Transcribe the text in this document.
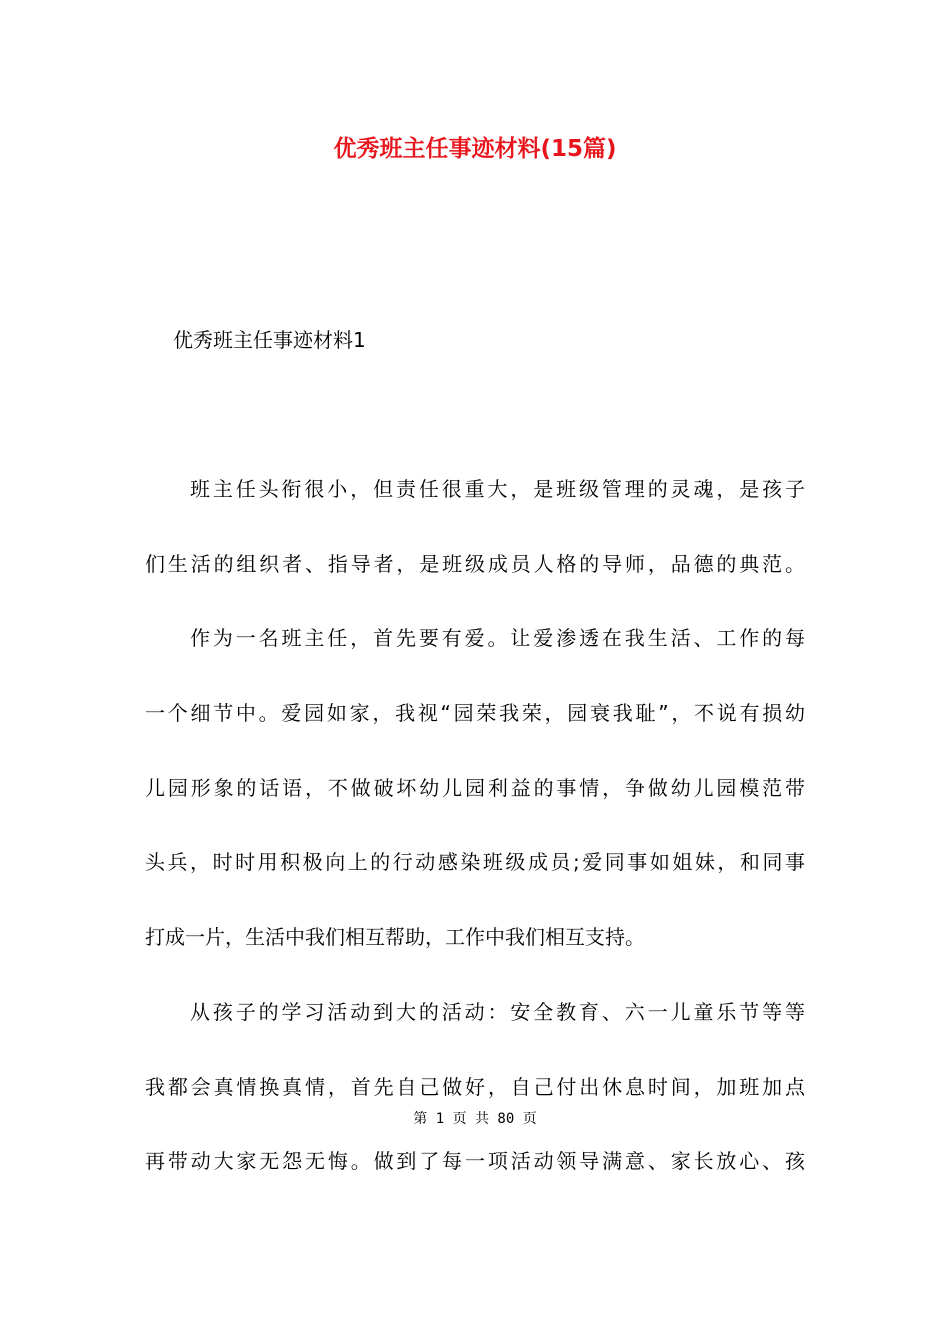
优秀班主任事迹材料(15篇)
优秀班主任事迹材料1
班主任头衔很小，但责任很重大，是班级管理的灵魂，是孩子
们生活的组织者、指导者，是班级成员人格的导师，品德的典范。
作为一名班主任，首先要有爱。让爱渗透在我生活、工作的每
一个细节中。爱园如家，我视“园荣我荣，园衰我耻”，不说有损幼
儿园形象的话语，不做破坏幼儿园利益的事情，争做幼儿园模范带
头兵，时时用积极向上的行动感染班级成员;爱同事如姐妹，和同事
打成一片，生活中我们相互帮助，工作中我们相互支持。
从孩子的学习活动到大的活动：安全教育、六一儿童乐节等等
我都会真情换真情，首先自己做好，自己付出休息时间，加班加点
第 1 页 共 80 页
再带动大家无怨无悔。做到了每一项活动领导满意、家长放心、孩
